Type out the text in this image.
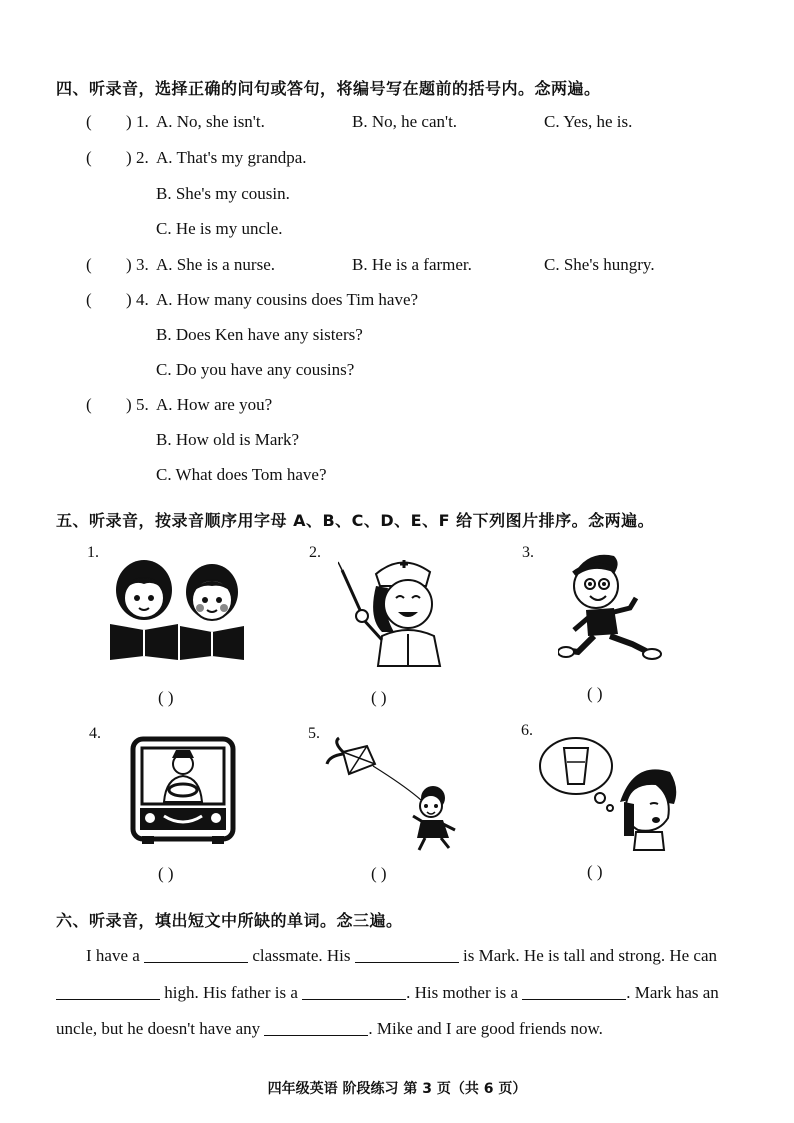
四、听录音，选择正确的问句或答句，将编号写在题前的括号内。念两遍。
( ) 1. A. No, she isn't.	B. No, he can't.	C. Yes, he is.
( ) 2. A. That's my grandpa.
B. She's my cousin.
C. He is my uncle.
( ) 3. A. She is a nurse.	B. He is a farmer.	C. She's hungry.
( ) 4. A. How many cousins does Tim have?
B. Does Ken have any sisters?
C. Do you have any cousins?
( ) 5. A. How are you?
B. How old is Mark?
C. What does Tom have?
五、听录音，按录音顺序用字母 A、B、C、D、E、F 给下列图片排序。念两遍。
1.
( )
2.
( )
3.
( )
4.
( )
5.
( )
6.
( )
六、听录音，填出短文中所缺的单词。念三遍。
I have a	classmate. His	is Mark. He is tall and strong. He can
high. His father is a	. His mother is a	. Mark has an
uncle, but he doesn't have any	. Mike and I are good friends now.
四年级英语 阶段练习 第 3 页（共 6 页）
